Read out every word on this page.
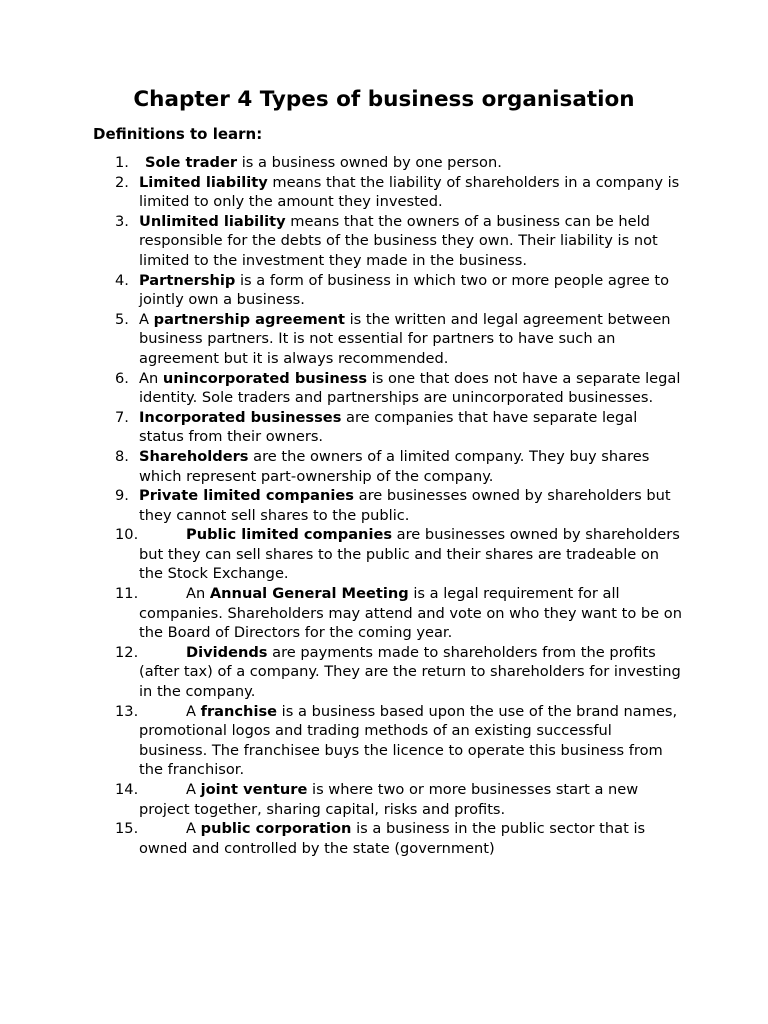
Chapter 4 Types of business organisation

Definitions to learn:

1. Sole trader is a business owned by one person.
2. Limited liability means that the liability of shareholders in a company is limited to only the amount they invested.
3. Unlimited liability means that the owners of a business can be held responsible for the debts of the business they own. Their liability is not limited to the investment they made in the business.
4. Partnership is a form of business in which two or more people agree to jointly own a business.
5. A partnership agreement is the written and legal agreement between business partners. It is not essential for partners to have such an agreement but it is always recommended.
6. An unincorporated business is one that does not have a separate legal identity. Sole traders and partnerships are unincorporated businesses.
7. Incorporated businesses are companies that have separate legal status from their owners.
8. Shareholders are the owners of a limited company. They buy shares which represent part-ownership of the company.
9. Private limited companies are businesses owned by shareholders but they cannot sell shares to the public.
10.	Public limited companies are businesses owned by shareholders but they can sell shares to the public and their shares are tradeable on the Stock Exchange.
11.	An Annual General Meeting is a legal requirement for all companies. Shareholders may attend and vote on who they want to be on the Board of Directors for the coming year.
12.	Dividends are payments made to shareholders from the profits (after tax) of a company. They are the return to shareholders for investing in the company.
13.	A franchise is a business based upon the use of the brand names, promotional logos and trading methods of an existing successful business. The franchisee buys the licence to operate this business from the franchisor.
14.	A joint venture is where two or more businesses start a new project together, sharing capital, risks and profits.
15.	A public corporation is a business in the public sector that is owned and controlled by the state (government)
